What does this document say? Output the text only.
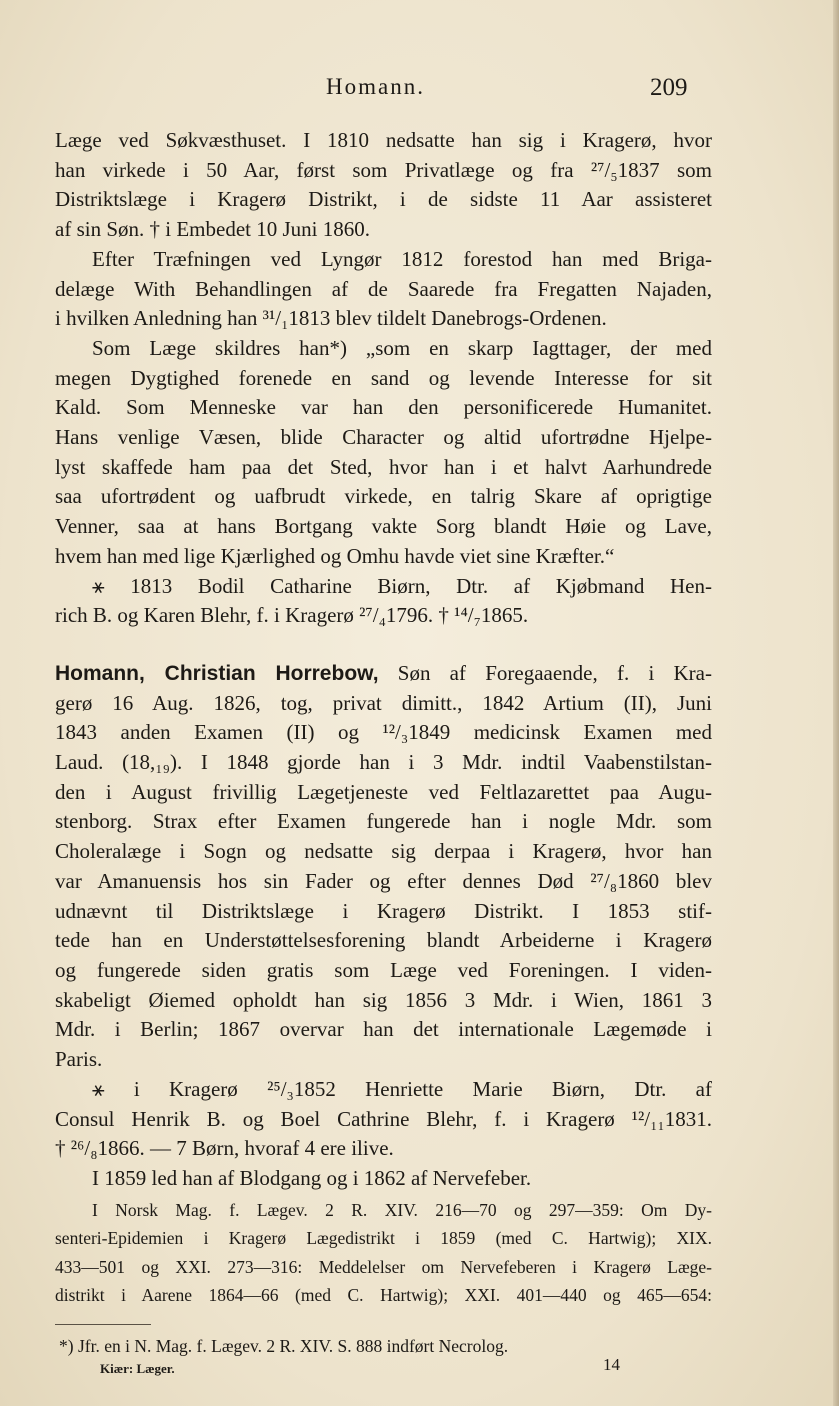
Homann.	209

Læge ved Søkvæsthuset. I 1810 nedsatte han sig i Kragerø, hvor
han virkede i 50 Aar, først som Privatlæge og fra ²⁷/₅1837 som
Distriktslæge i Kragerø Distrikt, i de sidste 11 Aar assisteret
af sin Søn. † i Embedet 10 Juni 1860.

Efter Træfningen ved Lyngør 1812 forestod han med Briga-
delæge With Behandlingen af de Saarede fra Fregatten Najaden,
i hvilken Anledning han ³¹/₁1813 blev tildelt Danebrogs-Ordenen.

Som Læge skildres han*) „som en skarp Iagttager, der med
megen Dygtighed forenede en sand og levende Interesse for sit
Kald. Som Menneske var han den personificerede Humanitet.
Hans venlige Væsen, blide Character og altid ufortrødne Hjelpe-
lyst skaffede ham paa det Sted, hvor han i et halvt Aarhundrede
saa ufortrødent og uafbrudt virkede, en talrig Skare af oprigtige
Venner, saa at hans Bortgang vakte Sorg blandt Høie og Lave,
hvem han med lige Kjærlighed og Omhu havde viet sine Kræfter.“

⚹ 1813 Bodil Catharine Biørn, Dtr. af Kjøbmand Hen-
rich B. og Karen Blehr, f. i Kragerø ²⁷/₄1796. † ¹⁴/₇1865.

Homann, Christian Horrebow, Søn af Foregaaende, f. i Kra-
gerø 16 Aug. 1826, tog, privat dimitt., 1842 Artium (II), Juni
1843 anden Examen (II) og ¹²/₃1849 medicinsk Examen med
Laud. (18,₁₉). I 1848 gjorde han i 3 Mdr. indtil Vaabenstilstan-
den i August frivillig Lægetjeneste ved Feltlazarettet paa Augu-
stenborg. Strax efter Examen fungerede han i nogle Mdr. som
Choleralæge i Sogn og nedsatte sig derpaa i Kragerø, hvor han
var Amanuensis hos sin Fader og efter dennes Død ²⁷/₈1860 blev
udnævnt til Distriktslæge i Kragerø Distrikt. I 1853 stif-
tede han en Understøttelsesforening blandt Arbeiderne i Kragerø
og fungerede siden gratis som Læge ved Foreningen. I viden-
skabeligt Øiemed opholdt han sig 1856 3 Mdr. i Wien, 1861 3
Mdr. i Berlin; 1867 overvar han det internationale Lægemøde i
Paris.

⚹ i Kragerø ²⁵/₃1852 Henriette Marie Biørn, Dtr. af
Consul Henrik B. og Boel Cathrine Blehr, f. i Kragerø ¹²/₁₁1831.
† ²⁶/₈1866. — 7 Børn, hvoraf 4 ere ilive.

I 1859 led han af Blodgang og i 1862 af Nervefeber.

I Norsk Mag. f. Lægev. 2 R. XIV. 216—70 og 297—359: Om Dy-
senteri-Epidemien i Kragerø Lægedistrikt i 1859 (med C. Hartwig); XIX.
433—501 og XXI. 273—316: Meddelelser om Nervefeberen i Kragerø Læge-
distrikt i Aarene 1864—66 (med C. Hartwig); XXI. 401—440 og 465—654:
*) Jfr. en i N. Mag. f. Lægev. 2 R. XIV. S. 888 indført Necrolog.
Kiær: Læger.	14
